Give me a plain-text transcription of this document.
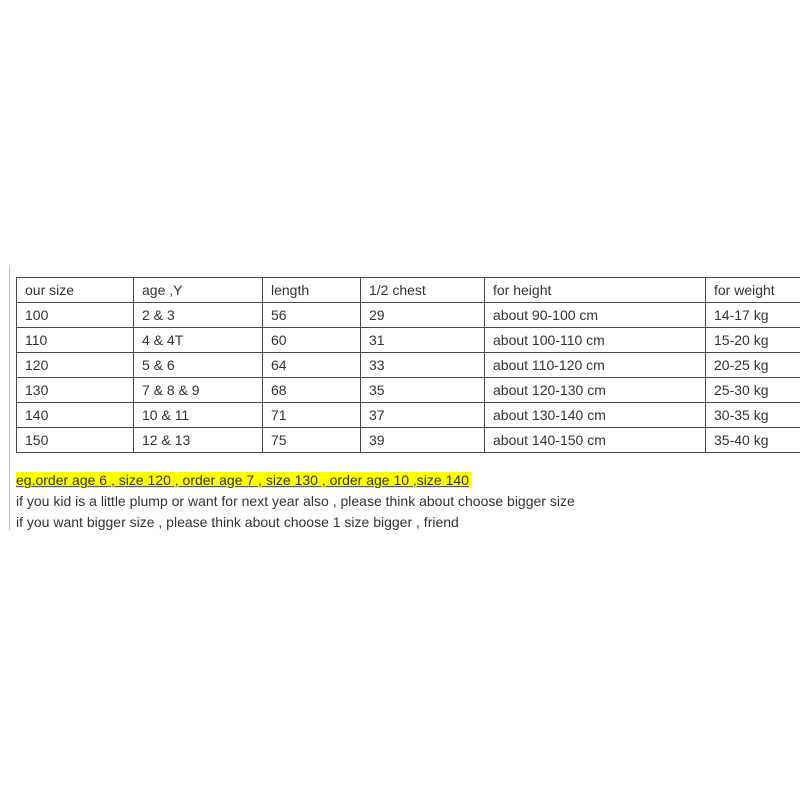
our size	age ,Y	length	1/2 chest	for height	for weight
100	2 & 3	56	29	about 90-100 cm	14-17 kg
110	4 & 4T	60	31	about 100-110 cm	15-20 kg
120	5 & 6	64	33	about 110-120 cm	20-25 kg
130	7 & 8 & 9	68	35	about 120-130 cm	25-30 kg
140	10 & 11	71	37	about 130-140 cm	30-35 kg
150	12 & 13	75	39	about 140-150 cm	35-40 kg
eg.order age 6 , size 120 , order age 7 , size 130 , order age 10 ,size 140
if you kid is a little plump or want for next year also , please think about choose bigger size
if you want bigger size , please think about choose 1 size bigger , friend
